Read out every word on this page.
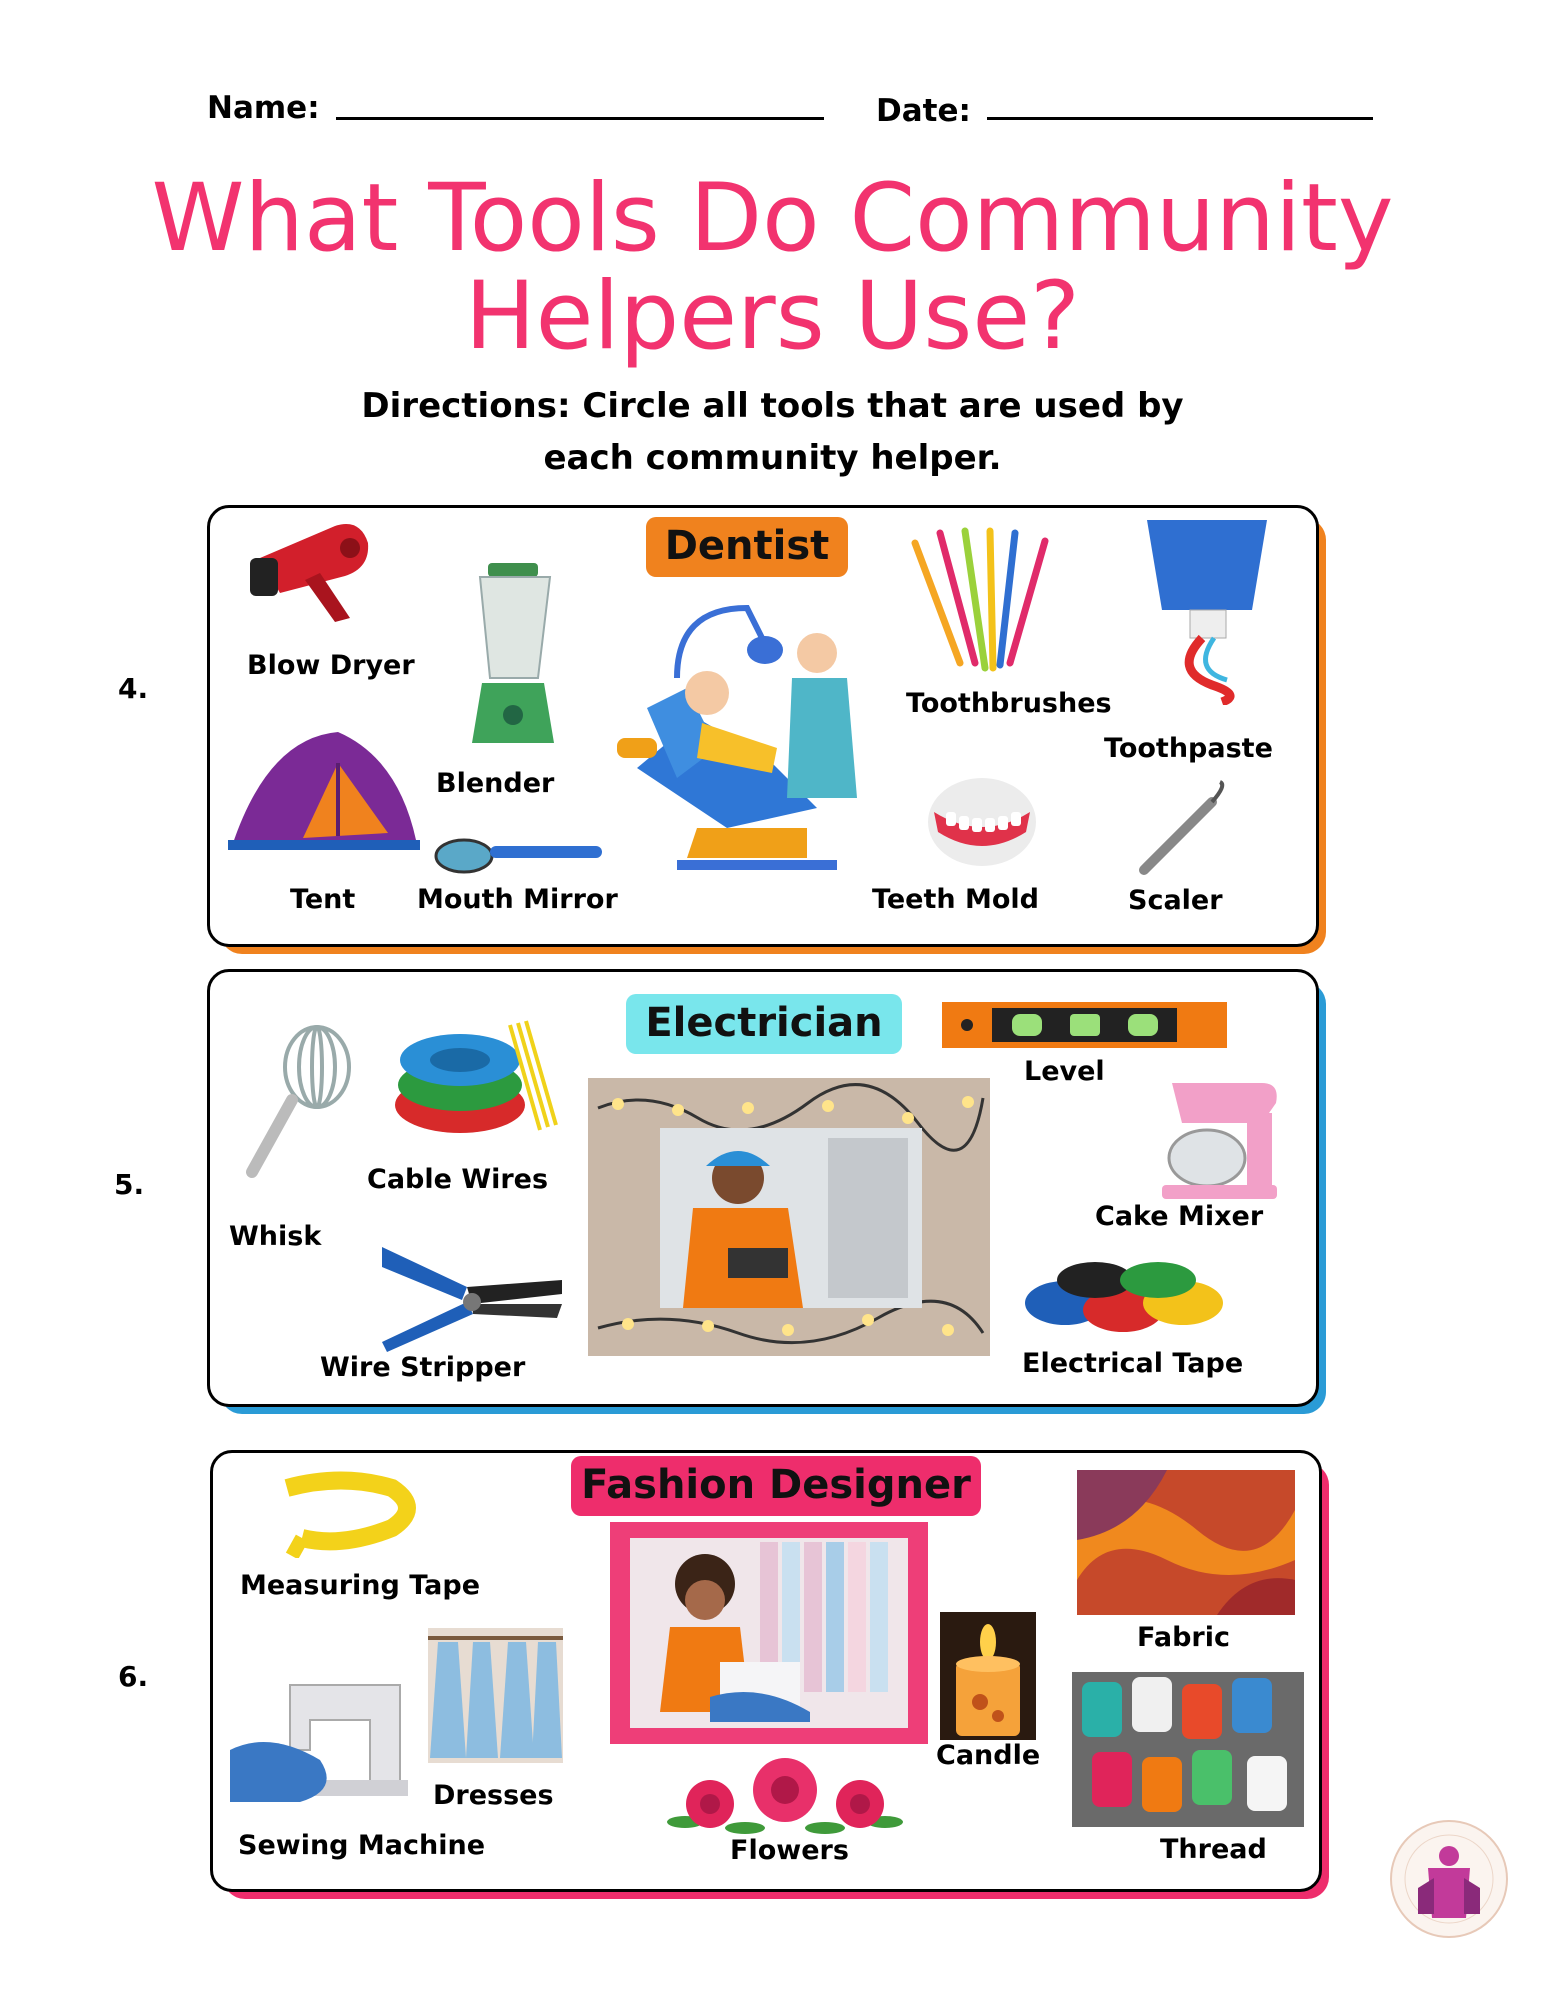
Name:	Date:
What Tools Do Community
Helpers Use?
Directions: Circle all tools that are used by
each community helper.
4.
Dentist
Blow Dryer
Blender
Tent Mouth Mirror
Toothbrushes
Toothpaste
Teeth Mold	Scaler
5.
Electrician
Whisk
Cable Wires
Wire Stripper
Level
Cake Mixer
Electrical Tape
6.
Fashion Designer
Measuring Tape
Dresses
Sewing Machine	Flowers
Candle
Fabric
Thread
